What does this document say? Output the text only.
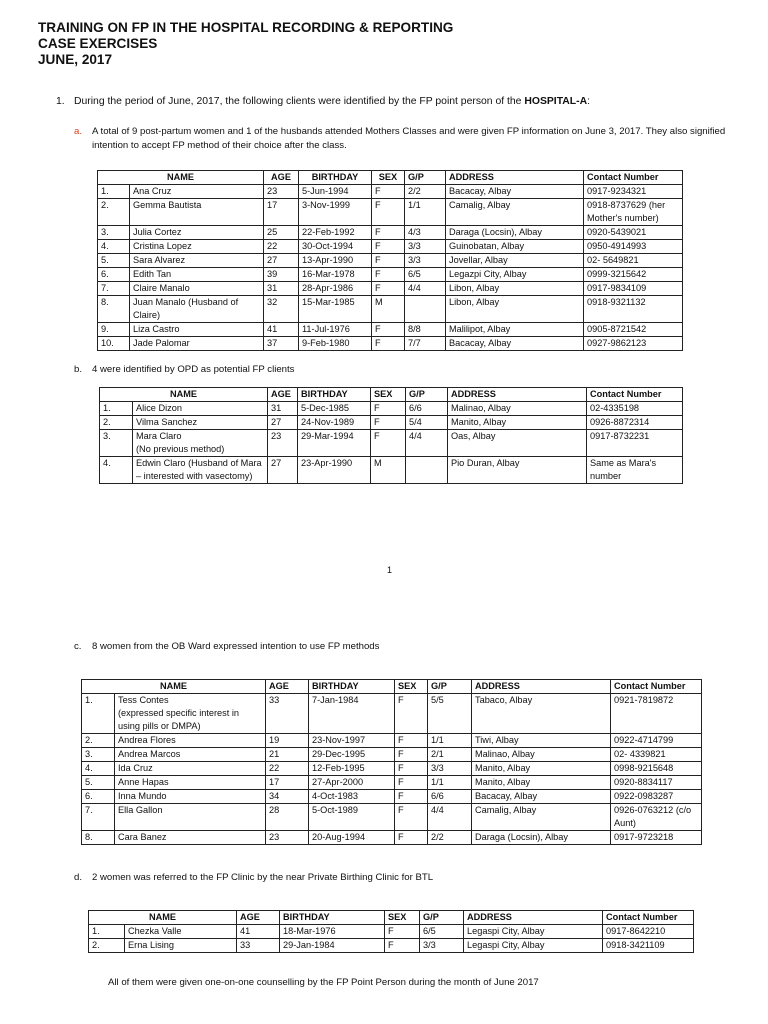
TRAINING ON FP IN THE HOSPITAL RECORDING & REPORTING
CASE EXERCISES
JUNE, 2017
1. During the period of June, 2017, the following clients were identified by the FP point person of the HOSPITAL-A:
a. A total of 9 post-partum women and 1 of the husbands attended Mothers Classes and were given FP information on June 3, 2017. They also signified
intention to accept FP method of their choice after the class.
NAME		AGE	BIRTHDAY	SEX	G/P	ADDRESS	Contact Number
1.	Ana Cruz	23	5-Jun-1994	F	2/2	Bacacay, Albay	0917-9234321
2.	Gemma Bautista	17	3-Nov-1999	F	1/1	Camalig, Albay	0918-8737629 (her Mother's number)
3.	Julia Cortez	25	22-Feb-1992	F	4/3	Daraga (Locsin), Albay	0920-5439021
4.	Cristina Lopez	22	30-Oct-1994	F	3/3	Guinobatan, Albay	0950-4914993
5.	Sara Alvarez	27	13-Apr-1990	F	3/3	Jovellar, Albay	02- 5649821
6.	Edith Tan	39	16-Mar-1978	F	6/5	Legazpi City, Albay	0999-3215642
7.	Claire Manalo	31	28-Apr-1986	F	4/4	Libon, Albay	0917-9834109
8.	Juan Manalo (Husband of Claire)	32	15-Mar-1985	M		Libon, Albay	0918-9321132
9.	Liza Castro	41	11-Jul-1976	F	8/8	Malilipot, Albay	0905-8721542
10.	Jade Palomar	37	9-Feb-1980	F	7/7	Bacacay, Albay	0927-9862123
b. 4 were identified by OPD as potential FP clients
NAME		AGE	BIRTHDAY	SEX	G/P	ADDRESS	Contact Number
1.	Alice Dizon	31	5-Dec-1985	F	6/6	Malinao, Albay	02-4335198
2.	Vilma Sanchez	27	24-Nov-1989	F	5/4	Manito, Albay	0926-8872314
3.	Mara Claro
(No previous method)	23	29-Mar-1994	F	4/4	Oas, Albay	0917-8732231
4.	Edwin Claro (Husband of Mara – interested with vasectomy)	27	23-Apr-1990	M		Pio Duran, Albay	Same as Mara's number
1
c. 8 women from the OB Ward expressed intention to use FP methods
NAME		AGE	BIRTHDAY	SEX	G/P	ADDRESS	Contact Number
1.	Tess Contes
(expressed specific interest in using pills or DMPA)	33	7-Jan-1984	F	5/5	Tabaco, Albay	0921-7819872
2.	Andrea Flores	19	23-Nov-1997	F	1/1	Tiwi, Albay	0922-4714799
3.	Andrea Marcos	21	29-Dec-1995	F	2/1	Malinao, Albay	02- 4339821
4.	Ida Cruz	22	12-Feb-1995	F	3/3	Manito, Albay	0998-9215648
5.	Anne Hapas	17	27-Apr-2000	F	1/1	Manito, Albay	0920-8834117
6.	Inna Mundo	34	4-Oct-1983	F	6/6	Bacacay, Albay	0922-0983287
7.	Ella Gallon	28	5-Oct-1989	F	4/4	Camalig, Albay	0926-0763212 (c/o Aunt)
8.	Cara Banez	23	20-Aug-1994	F	2/2	Daraga (Locsin), Albay	0917-9723218
d. 2 women was referred to the FP Clinic by the near Private Birthing Clinic for BTL
NAME		AGE	BIRTHDAY	SEX	G/P	ADDRESS	Contact Number
1.	Chezka Valle	41	18-Mar-1976	F	6/5	Legaspi City, Albay	0917-8642210
2.	Erna Lising	33	29-Jan-1984	F	3/3	Legaspi City, Albay	0918-3421109
All of them were given one-on-one counselling by the FP Point Person during the month of June 2017
